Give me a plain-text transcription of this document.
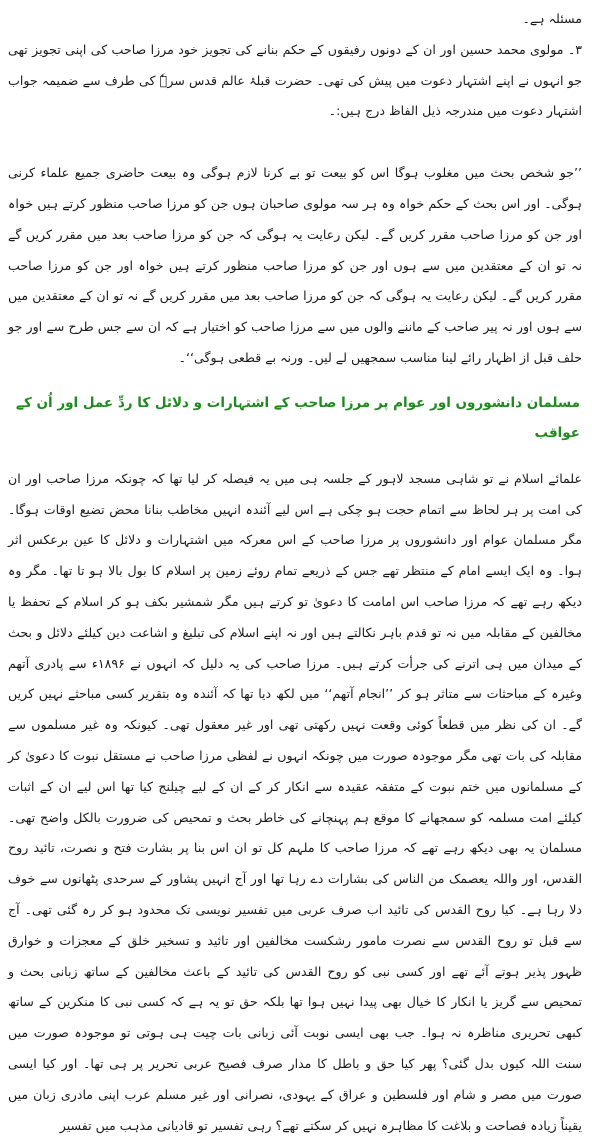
مسئلہ ہے۔

۳۔ مولوی محمد حسین اور ان کے دونوں رفیقوں کے حکم بنانے کی تجویز خود مرزا صاحب کی اپنی تجویز تھی جو انہوں نے اپنے اشتہار دعوت میں پیش کی تھی۔ حضرت قبلۂ عالم قدس سرہٗ کی طرف سے ضمیمہ جواب اشتہار دعوت میں مندرجہ ذیل الفاظ درج ہیں:۔

’’جو شخص بحث میں مغلوب ہوگا اس کو بیعت تو بے کرنا لازم ہوگی وہ بیعت حاضری جمیع علماء کرنی ہوگی۔ اور اس بحث کے حکم خواہ وہ ہر سہ مولوی صاحبان ہوں جن کو مرزا صاحب منظور کرتے ہیں خواہ اور جن کو مرزا صاحب مقرر کریں گے۔ لیکن رعایت یہ ہوگی کہ جن کو مرزا صاحب بعد میں مقرر کریں گے نہ تو ان کے معتقدین میں سے ہوں اور جن کو مرزا صاحب منظور کرتے ہیں خواہ اور جن کو مرزا صاحب مقرر کریں گے۔ لیکن رعایت یہ ہوگی کہ جن کو مرزا صاحب بعد میں مقرر کریں گے نہ تو ان کے معتقدین میں سے ہوں اور نہ پیر صاحب کے ماننے والوں میں سے مرزا صاحب کو اختیار ہے کہ ان سے جس طرح سے اور جو حلف قبل از اظہار رائے لینا مناسب سمجھیں لے لیں۔ ورنہ بے قطعی ہوگی‘‘۔

مسلمان دانشوروں اور عوام پر مرزا صاحب کے اشتہارات و دلائل کا ردِّ عمل اور اُن کے عواقب

علمائے اسلام نے تو شاہی مسجد لاہور کے جلسہ ہی میں یہ فیصلہ کر لیا تھا کہ چونکہ مرزا صاحب اور ان کی امت پر ہر لحاظ سے اتمام حجت ہو چکی ہے اس لیے آئندہ انہیں مخاطب بنانا محض تضیع اوقات ہوگا۔ مگر مسلمان عوام اور دانشوروں پر مرزا صاحب کے اس معرکہ میں اشتہارات و دلائل کا عین برعکس اثر ہوا۔ وہ ایک ایسے امام کے منتظر تھے جس کے ذریعے تمام روئے زمین پر اسلام کا بول بالا ہو تا تھا۔ مگر وہ دیکھ رہے تھے کہ مرزا صاحب اس امامت کا دعویٰ تو کرتے ہیں مگر شمشیر بکف ہو کر اسلام کے تحفظ یا مخالفین کے مقابلہ میں نہ تو قدم باہر نکالتے ہیں اور نہ اپنے اسلام کی تبلیغ و اشاعت دین کیلئے دلائل و بحث کے میدان میں ہی اترنے کی جرأت کرتے ہیں۔ مرزا صاحب کی یہ دلیل کہ انہوں نے ۱۸۹۶ء سے پادری آتھم وغیرہ کے مباحثات سے متاثر ہو کر ’’انجام آتھم‘‘ میں لکھ دیا تھا کہ آئندہ وہ بتقریر کسی مباحثے نہیں کریں گے۔ ان کی نظر میں قطعاً کوئی وقعت نہیں رکھتی تھی اور غیر معقول تھی۔ کیونکہ وہ غیر مسلموں سے مقابلہ کی بات تھی مگر موجودہ صورت میں چونکہ انہوں نے لفظی مرزا صاحب نے مستقل نبوت کا دعویٰ کر کے مسلمانوں میں ختم نبوت کے متفقہ عقیدہ سے انکار کر کے ان کے لیے چیلنج کیا تھا اس لیے ان کے اثبات کیلئے امت مسلمہ کو سمجھانے کا موقع ہم پہنچانے کی خاطر بحث و تمحیص کی ضرورت بالکل واضح تھی۔ مسلمان یہ بھی دیکھ رہے تھے کہ مرزا صاحب کا ملہم کل تو ان اس بنا پر بشارت فتح و نصرت، تائید روح القدس، اور واللہ یعصمک من الناس کی بشارات دے رہا تھا اور آج انہیں پشاور کے سرحدی پٹھانوں سے خوف دلا رہا ہے۔ کیا روح القدس کی تائید اب صرف عربی میں تفسیر نویسی تک محدود ہو کر رہ گئی تھی۔ آج سے قبل تو روح القدس سے نصرت مامور رشکست مخالفین اور تائید و تسخیر خلق کے معجزات و خوارق ظہور پذیر ہوتے آئے تھے اور کسی نبی کو روح القدس کی تائید کے باعث مخالفین کے ساتھ زبانی بحث و تمحیص سے گریز یا انکار کا خیال بھی پیدا نہیں ہوا تھا بلکہ حق تو یہ ہے کہ کسی نبی کا منکرین کے ساتھ کبھی تحریری مناظرہ نہ ہوا۔ جب بھی ایسی نوبت آئی زبانی بات چیت ہی ہوتی تو موجودہ صورت میں سنت اللہ کیوں بدل گئی؟ پھر کیا حق و باطل کا مدار صرف فصیح عربی تحریر پر ہی تھا۔ اور کیا ایسی صورت میں مصر و شام اور فلسطین و عراق کے یہودی، نصرانی اور غیر مسلم عرب اپنی مادری زبان میں یقیناً زیادہ فصاحت و بلاغت کا مظاہرہ نہیں کر سکتے تھے؟ رہی تفسیر تو قادیانی مذہب میں تفسیر
